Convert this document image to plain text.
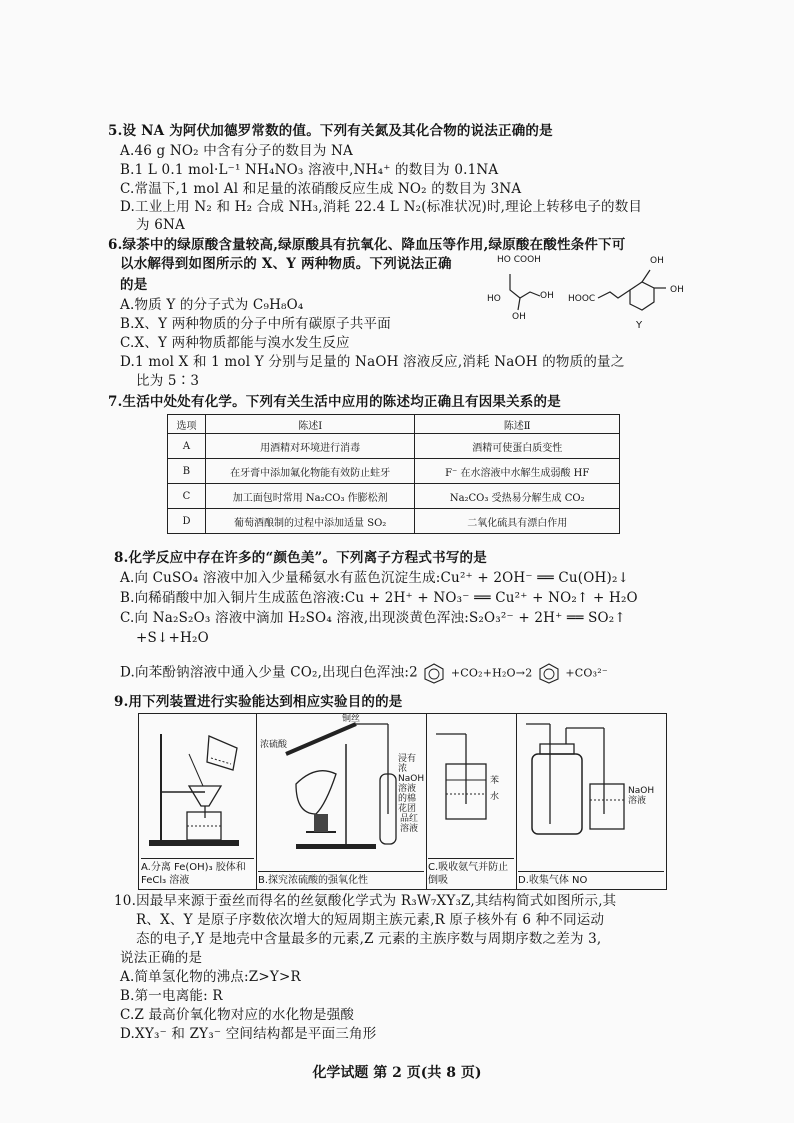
5.设 NA 为阿伏加德罗常数的值。下列有关氮及其化合物的说法正确的是
A.46 g NO₂ 中含有分子的数目为 NA
B.1 L 0.1 mol·L⁻¹ NH₄NO₃ 溶液中,NH₄⁺ 的数目为 0.1NA
C.常温下,1 mol Al 和足量的浓硝酸反应生成 NO₂ 的数目为 3NA
D.工业上用 N₂ 和 H₂ 合成 NH₃,消耗 22.4 L N₂(标准状况)时,理论上转移电子的数目
为 6NA
6.绿茶中的绿原酸含量较高,绿原酸具有抗氧化、降血压等作用,绿原酸在酸性条件下可
以水解得到如图所示的 X、Y 两种物质。下列说法正确
的是
A.物质 Y 的分子式为 C₉H₈O₄
B.X、Y 两种物质的分子中所有碳原子共平面
C.X、Y 两种物质都能与溴水发生反应
D.1 mol X 和 1 mol Y 分别与足量的 NaOH 溶液反应,消耗 NaOH 的物质的量之
比为 5∶3
HO COOH
HO	OH
OH
HOOC
OH
OH
Y
7.生活中处处有化学。下列有关生活中应用的陈述均正确且有因果关系的是
选项	陈述Ⅰ	陈述Ⅱ
A	用酒精对环境进行消毒	酒精可使蛋白质变性
B	在牙膏中添加氟化物能有效防止蛀牙	F⁻ 在水溶液中水解生成弱酸 HF
C	加工面包时常用 Na₂CO₃ 作膨松剂	Na₂CO₃ 受热易分解生成 CO₂
D	葡萄酒酿制的过程中添加适量 SO₂	二氧化硫具有漂白作用
8.化学反应中存在许多的“颜色美”。下列离子方程式书写的是
A.向 CuSO₄ 溶液中加入少量稀氨水有蓝色沉淀生成:Cu²⁺ + 2OH⁻ ══ Cu(OH)₂↓
B.向稀硝酸中加入铜片生成蓝色溶液:Cu + 2H⁺ + NO₃⁻ ══ Cu²⁺ + NO₂↑ + H₂O
C.向 Na₂S₂O₃ 溶液中滴加 H₂SO₄ 溶液,出现淡黄色浑浊:S₂O₃²⁻ + 2H⁺ ══ SO₂↑
+S↓+H₂O
D.向苯酚钠溶液中通入少量 CO₂,出现白色浑浊:2	+CO₂+H₂O→2	+CO₃²⁻
9.用下列装置进行实验能达到相应实验目的的是
A.分离 Fe(OH)₃ 胶体和 FeCl₃ 溶液
铜丝
浓硫酸
浸有浓NaOH溶液的棉花团
品红溶液
B.探究浓硫酸的强氧化性
苯
水
C.吸收氨气并防止倒吸
NaOH溶液
D.收集气体 NO
10.因最早来源于蚕丝而得名的丝氨酸化学式为 R₃W₇XY₃Z,其结构简式如图所示,其
R、X、Y 是原子序数依次增大的短周期主族元素,R 原子核外有 6 种不同运动
态的电子,Y 是地壳中含量最多的元素,Z 元素的主族序数与周期序数之差为 3,
说法正确的是
A.简单氢化物的沸点:Z>Y>R
B.第一电离能: R
C.Z 最高价氧化物对应的水化物是强酸
D.XY₃⁻ 和 ZY₃⁻ 空间结构都是平面三角形
化学试题 第 2 页(共 8 页)
